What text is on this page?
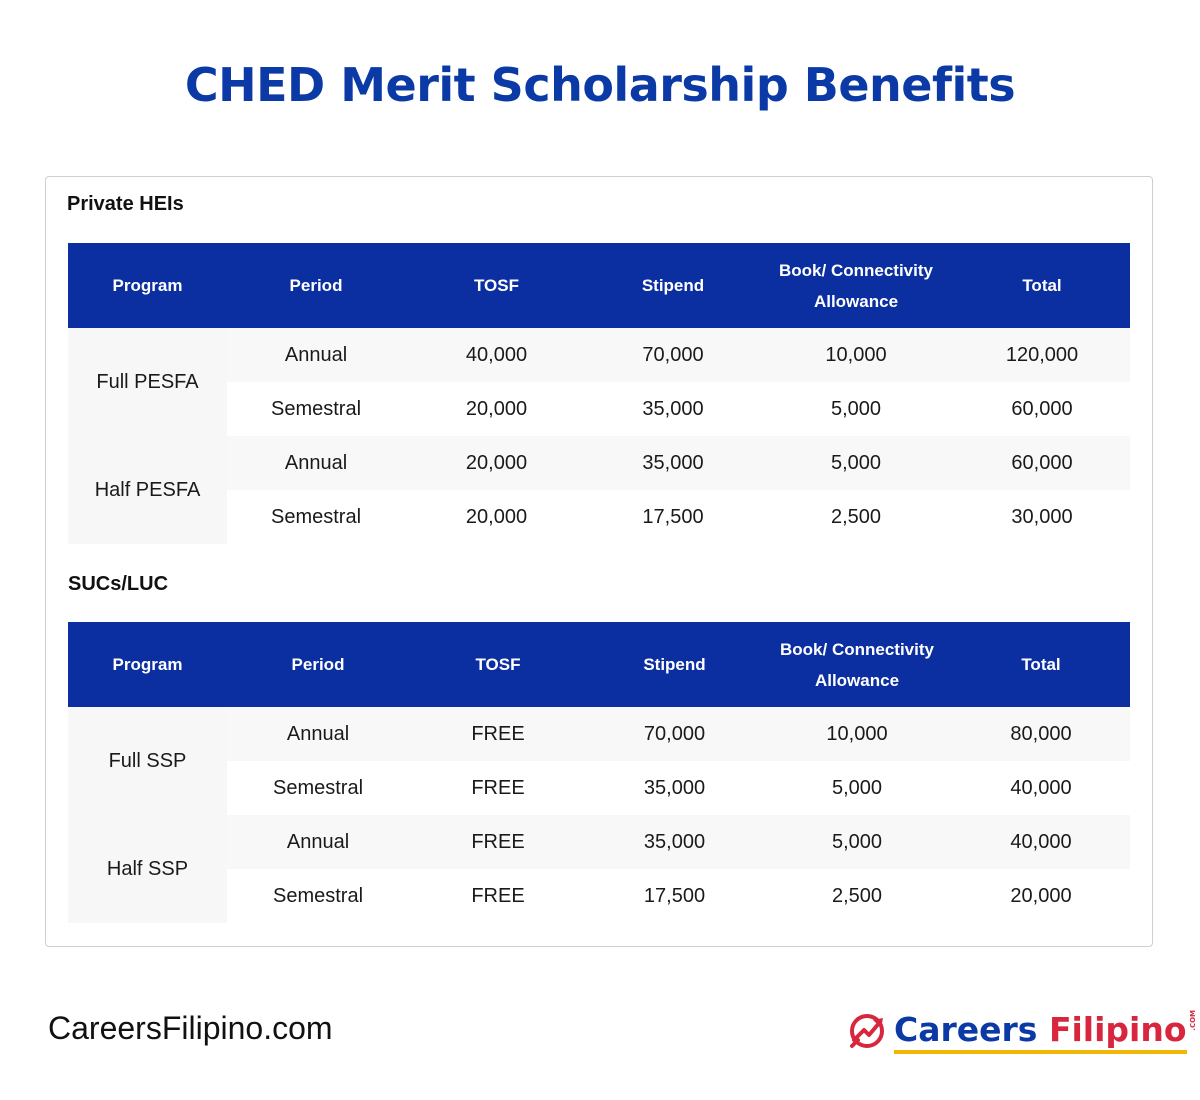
CHED Merit Scholarship Benefits
Private HEIs
Program	Period	TOSF	Stipend	Book/ Connectivity Allowance	Total
Full PESFA	Annual	40,000	70,000	10,000	120,000
	Semestral	20,000	35,000	5,000	60,000
Half PESFA	Annual	20,000	35,000	5,000	60,000
	Semestral	20,000	17,500	2,500	30,000
SUCs/LUC
Program	Period	TOSF	Stipend	Book/ Connectivity Allowance	Total
Full SSP	Annual	FREE	70,000	10,000	80,000
	Semestral	FREE	35,000	5,000	40,000
Half SSP	Annual	FREE	35,000	5,000	40,000
	Semestral	FREE	17,500	2,500	20,000
CareersFilipino.com	Careers Filipino .COM
